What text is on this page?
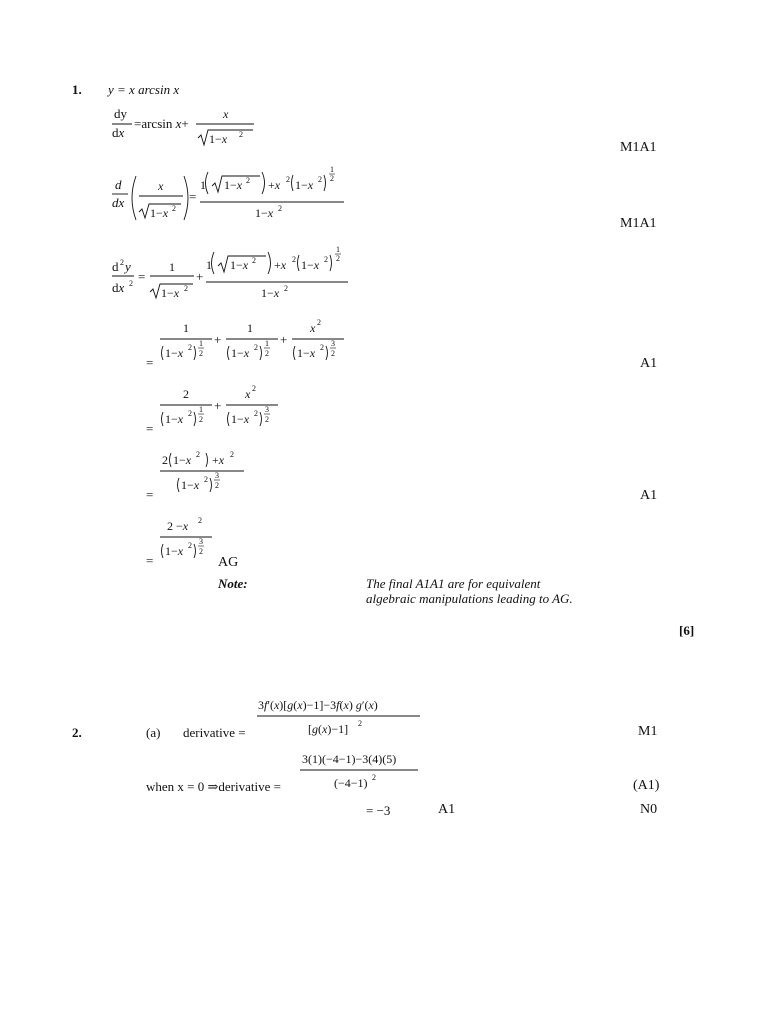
1. y = x arcsin x
dy
dx
=arcsin x+
x
1−x 2
M1A1
d
dx
x
1−x 2
=
1 1−x 2 +x 2 1−x 2
1
2
1−x 2
M1A1
d 2 y
dx 2 =
1
1−x 2
+
1 1−x 2 +x 2 1−x 2
1
2
1−x 2
=
1
1−x 2 1
2
+
1
1−x 2 1
2
+
x 2
1−x 2 3
2
A1
=
2
1−x 2 1
2
+
x 2
1−x 2 3
2
=
2 1−x 2 +x 2
1−x 2 3
2
A1
=
2 −x 2
1−x 2 3
2
AG
Note:	The final A1A1 are for equivalent algebraic manipulations leading to AG.
[6]
2.	(a) derivative =
3f′(x)[g(x)−1]−3f(x) g′(x)
[g(x)−1] 2
M1
when x = 0 ⇒derivative =
3(1)(−4−1)−3(4)(5)
(−4−1) 2
(A1)
= −3	A1	N0
